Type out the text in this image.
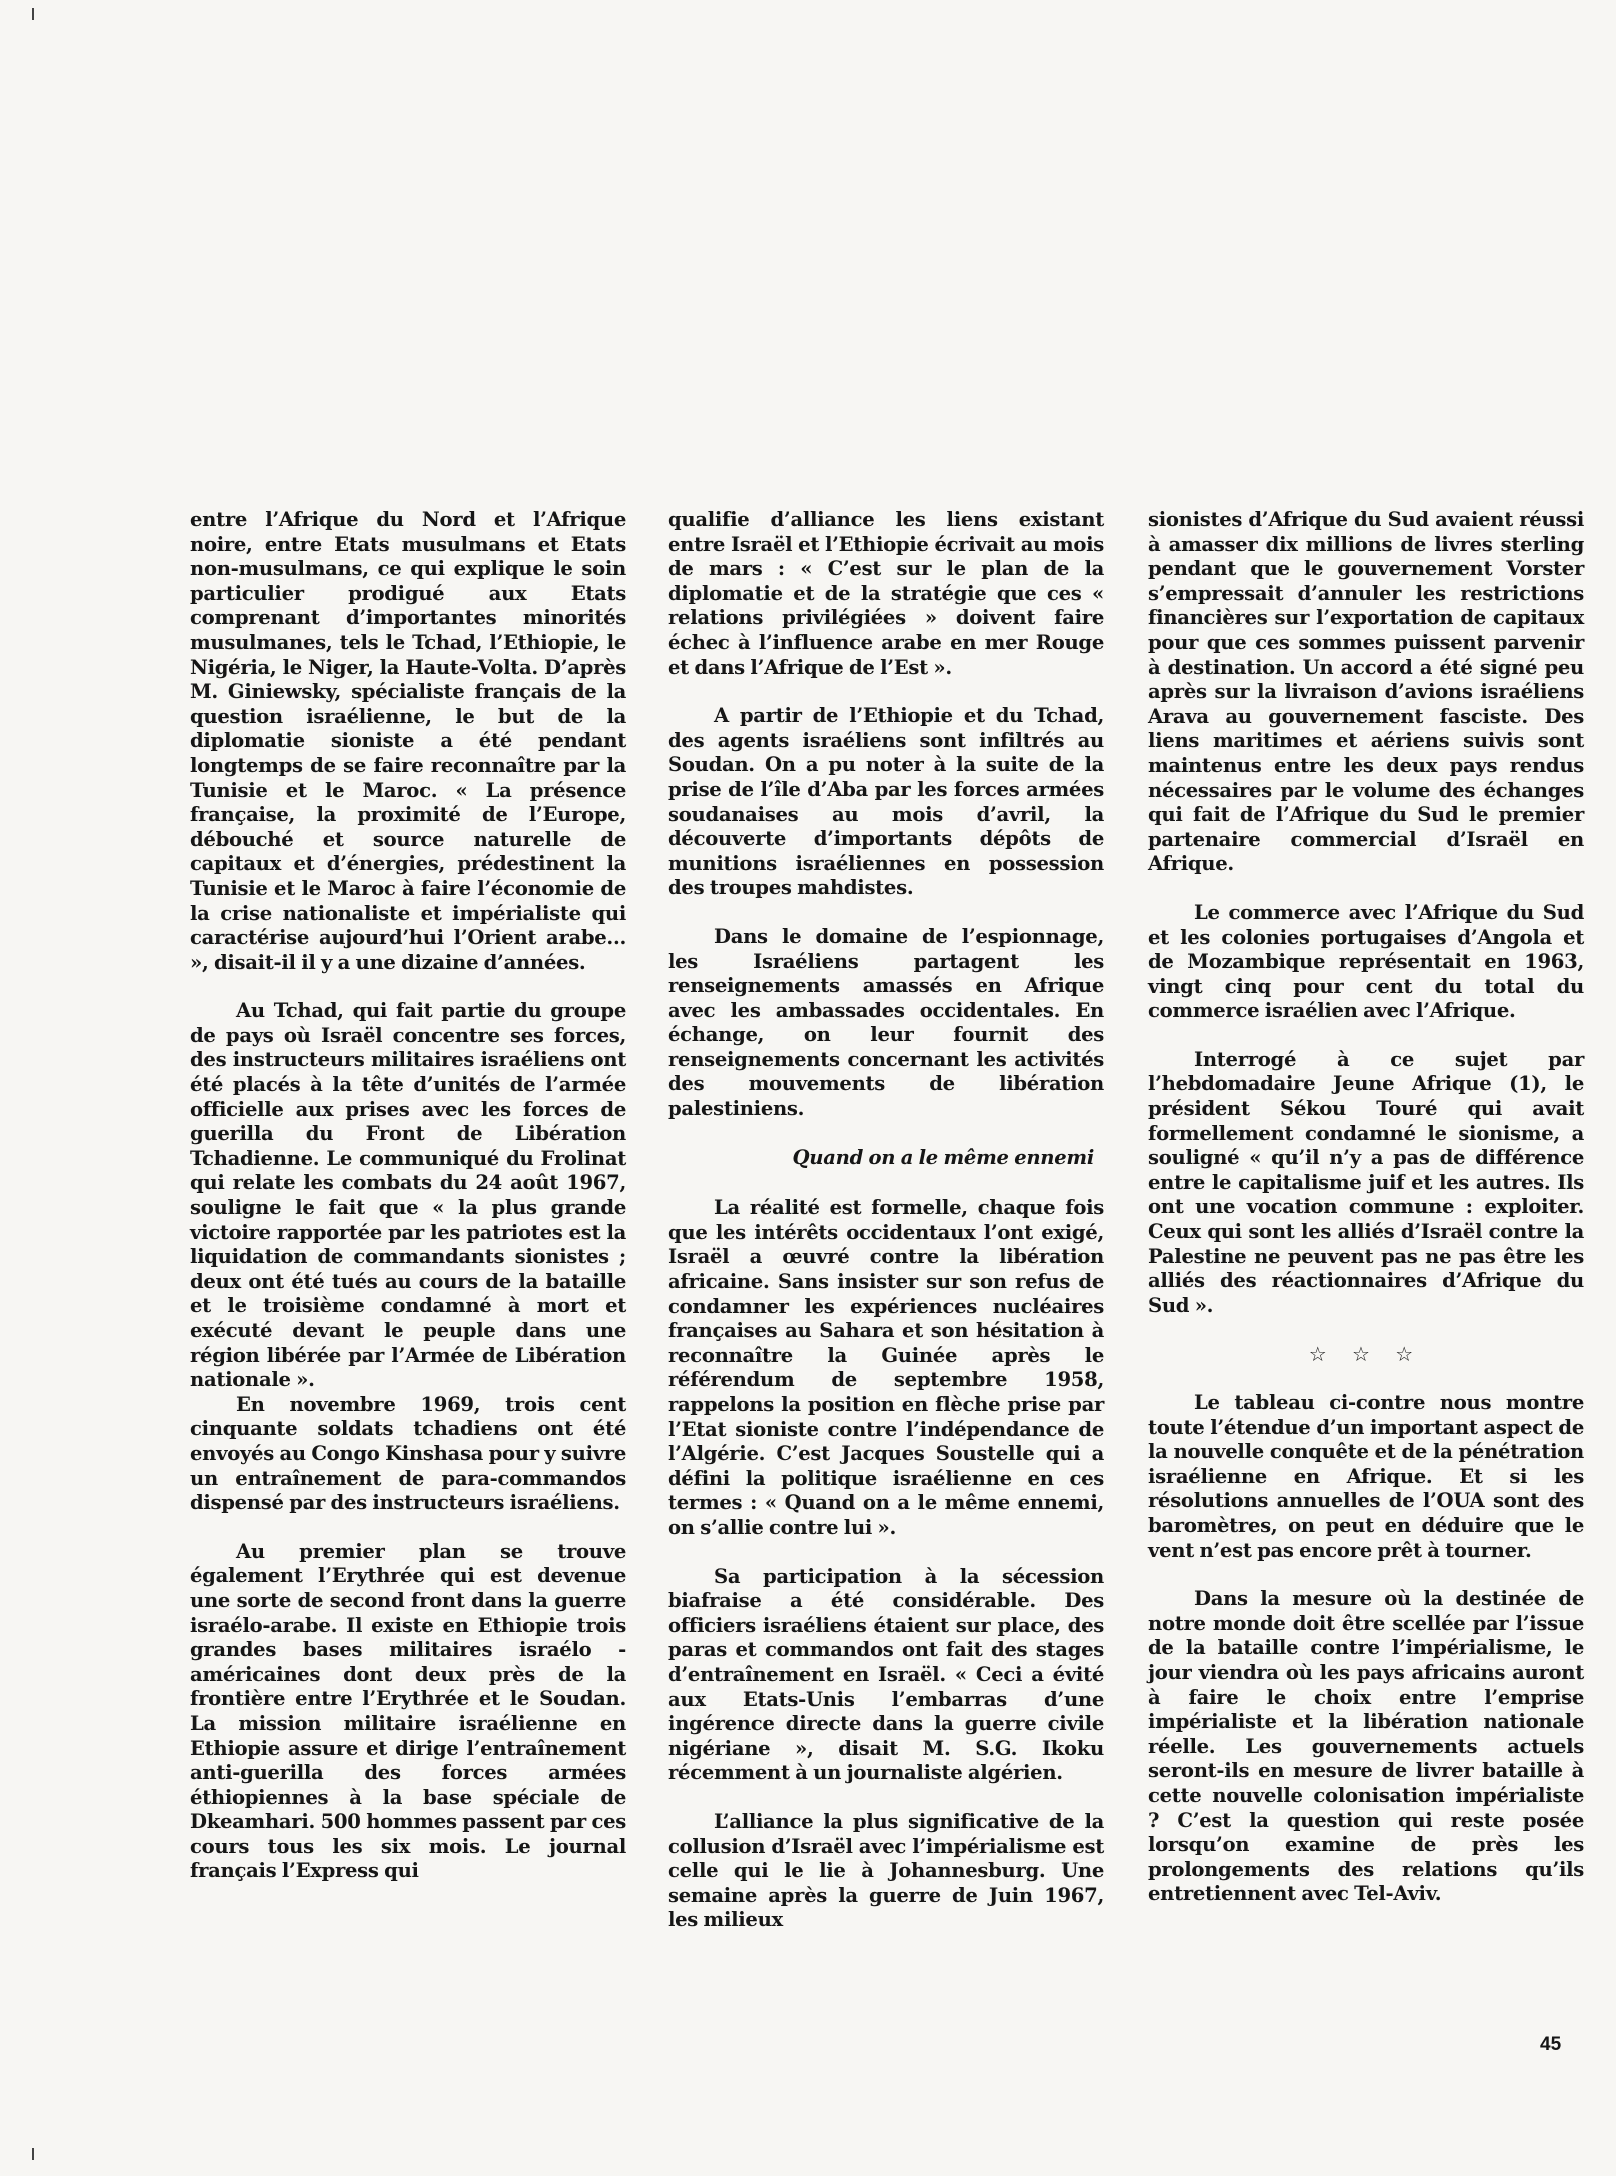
entre l’Afrique du Nord et l’Afrique noire, entre Etats musulmans et Etats non-musulmans, ce qui explique le soin particulier prodigué aux Etats comprenant d’importantes minorités musulmanes, tels le Tchad, l’Ethiopie, le Nigéria, le Niger, la Haute-Volta. D’après M. Giniewsky, spécialiste français de la question israélienne, le but de la diplomatie sioniste a été pendant longtemps de se faire reconnaître par la Tunisie et le Maroc. « La présence française, la proximité de l’Europe, débouché et source naturelle de capitaux et d’énergies, prédestinent la Tunisie et le Maroc à faire l’économie de la crise nationaliste et impérialiste qui caractérise aujourd’hui l’Orient arabe... », disait-il il y a une dizaine d’années.

Au Tchad, qui fait partie du groupe de pays où Israël concentre ses forces, des instructeurs militaires israéliens ont été placés à la tête d’unités de l’armée officielle aux prises avec les forces de guerilla du Front de Libération Tchadienne. Le communiqué du Frolinat qui relate les combats du 24 août 1967, souligne le fait que « la plus grande victoire rapportée par les patriotes est la liquidation de commandants sionistes ; deux ont été tués au cours de la bataille et le troisième condamné à mort et exécuté devant le peuple dans une région libérée par l’Armée de Libération nationale ».

En novembre 1969, trois cent cinquante soldats tchadiens ont été envoyés au Congo Kinshasa pour y suivre un entraînement de para-commandos dispensé par des instructeurs israéliens.

Au premier plan se trouve également l’Erythrée qui est devenue une sorte de second front dans la guerre israélo-arabe. Il existe en Ethiopie trois grandes bases militaires israélo - américaines dont deux près de la frontière entre l’Erythrée et le Soudan. La mission militaire israélienne en Ethiopie assure et dirige l’entraînement anti-guerilla des forces armées éthiopiennes à la base spéciale de Dkeamhari. 500 hommes passent par ces cours tous les six mois. Le journal français l’Express qui

qualifie d’alliance les liens existant entre Israël et l’Ethiopie écrivait au mois de mars : « C’est sur le plan de la diplomatie et de la stratégie que ces « relations privilégiées » doivent faire échec à l’influence arabe en mer Rouge et dans l’Afrique de l’Est ».

A partir de l’Ethiopie et du Tchad, des agents israéliens sont infiltrés au Soudan. On a pu noter à la suite de la prise de l’île d’Aba par les forces armées soudanaises au mois d’avril, la découverte d’importants dépôts de munitions israéliennes en possession des troupes mahdistes.

Dans le domaine de l’espionnage, les Israéliens partagent les renseignements amassés en Afrique avec les ambassades occidentales. En échange, on leur fournit des renseignements concernant les activités des mouvements de libération palestiniens.

Quand on a le même ennemi

La réalité est formelle, chaque fois que les intérêts occidentaux l’ont exigé, Israël a œuvré contre la libération africaine. Sans insister sur son refus de condamner les expériences nucléaires françaises au Sahara et son hésitation à reconnaître la Guinée après le référendum de septembre 1958, rappelons la position en flèche prise par l’Etat sioniste contre l’indépendance de l’Algérie. C’est Jacques Soustelle qui a défini la politique israélienne en ces termes : « Quand on a le même ennemi, on s’allie contre lui ».

Sa participation à la sécession biafraise a été considérable. Des officiers israéliens étaient sur place, des paras et commandos ont fait des stages d’entraînement en Israël. « Ceci a évité aux Etats-Unis l’embarras d’une ingérence directe dans la guerre civile nigériane », disait M. S.G. Ikoku récemment à un journaliste algérien.

L’alliance la plus significative de la collusion d’Israël avec l’impérialisme est celle qui le lie à Johannesburg. Une semaine après la guerre de Juin 1967, les milieux

sionistes d’Afrique du Sud avaient réussi à amasser dix millions de livres sterling pendant que le gouvernement Vorster s’empressait d’annuler les restrictions financières sur l’exportation de capitaux pour que ces sommes puissent parvenir à destination. Un accord a été signé peu après sur la livraison d’avions israéliens Arava au gouvernement fasciste. Des liens maritimes et aériens suivis sont maintenus entre les deux pays rendus nécessaires par le volume des échanges qui fait de l’Afrique du Sud le premier partenaire commercial d’Israël en Afrique.

Le commerce avec l’Afrique du Sud et les colonies portugaises d’Angola et de Mozambique représentait en 1963, vingt cinq pour cent du total du commerce israélien avec l’Afrique.

Interrogé à ce sujet par l’hebdomadaire Jeune Afrique (1), le président Sékou Touré qui avait formellement condamné le sionisme, a souligné « qu’il n’y a pas de différence entre le capitalisme juif et les autres. Ils ont une vocation commune : exploiter. Ceux qui sont les alliés d’Israël contre la Palestine ne peuvent pas ne pas être les alliés des réactionnaires d’Afrique du Sud ».

☆ ☆ ☆

Le tableau ci-contre nous montre toute l’étendue d’un important aspect de la nouvelle conquête et de la pénétration israélienne en Afrique. Et si les résolutions annuelles de l’OUA sont des baromètres, on peut en déduire que le vent n’est pas encore prêt à tourner.

Dans la mesure où la destinée de notre monde doit être scellée par l’issue de la bataille contre l’impérialisme, le jour viendra où les pays africains auront à faire le choix entre l’emprise impérialiste et la libération nationale réelle. Les gouvernements actuels seront-ils en mesure de livrer bataille à cette nouvelle colonisation impérialiste ? C’est la question qui reste posée lorsqu’on examine de près les prolongements des relations qu’ils entretiennent avec Tel-Aviv.

45
